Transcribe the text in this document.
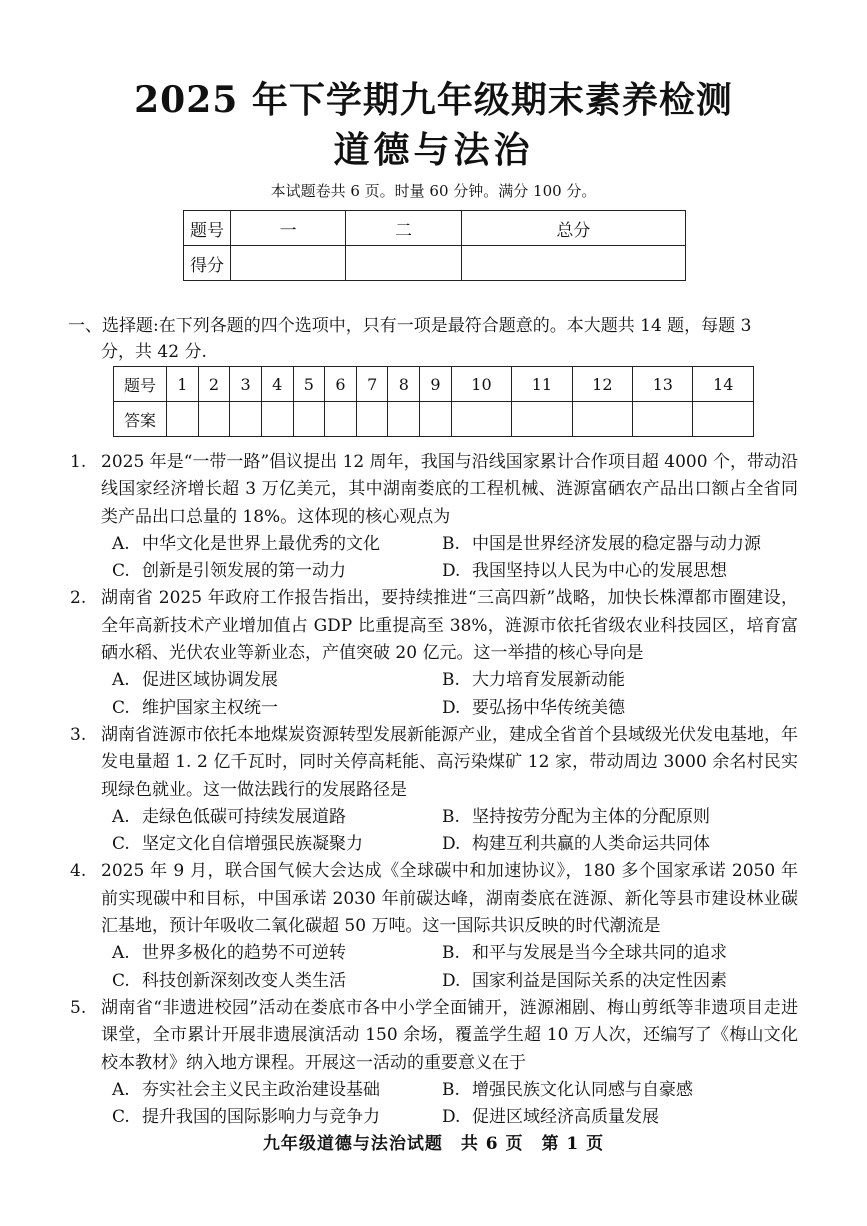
2025 年下学期九年级期末素养检测
道德与法治
本试题卷共 6 页。时量 60 分钟。满分 100 分。
题号	一	二	总分
得分			
一、选择题:在下列各题的四个选项中，只有一项是最符合题意的。本大题共 14 题，每题 3
分，共 42 分.
题号	1	2	3	4	5	6	7	8	9	10	11	12	13	14
答案														
1. 2025 年是“一带一路”倡议提出 12 周年，我国与沿线国家累计合作项目超 4000 个，带动沿线国家经济增长超 3 万亿美元，其中湖南娄底的工程机械、涟源富硒农产品出口额占全省同类产品出口总量的 18%。这体现的核心观点为
A. 中华文化是世界上最优秀的文化	B. 中国是世界经济发展的稳定器与动力源
C. 创新是引领发展的第一动力	D. 我国坚持以人民为中心的发展思想
2. 湖南省 2025 年政府工作报告指出，要持续推进“三高四新”战略，加快长株潭都市圈建设，全年高新技术产业增加值占 GDP 比重提高至 38%，涟源市依托省级农业科技园区，培育富硒水稻、光伏农业等新业态，产值突破 20 亿元。这一举措的核心导向是
A. 促进区域协调发展	B. 大力培育发展新动能
C. 维护国家主权统一	D. 要弘扬中华传统美德
3. 湖南省涟源市依托本地煤炭资源转型发展新能源产业，建成全省首个县域级光伏发电基地，年发电量超 1. 2 亿千瓦时，同时关停高耗能、高污染煤矿 12 家，带动周边 3000 余名村民实现绿色就业。这一做法践行的发展路径是
A. 走绿色低碳可持续发展道路	B. 坚持按劳分配为主体的分配原则
C. 坚定文化自信增强民族凝聚力	D. 构建互利共赢的人类命运共同体
4. 2025 年 9 月，联合国气候大会达成《全球碳中和加速协议》，180 多个国家承诺 2050 年前实现碳中和目标，中国承诺 2030 年前碳达峰，湖南娄底在涟源、新化等县市建设林业碳汇基地，预计年吸收二氧化碳超 50 万吨。这一国际共识反映的时代潮流是
A. 世界多极化的趋势不可逆转	B. 和平与发展是当今全球共同的追求
C. 科技创新深刻改变人类生活	D. 国家利益是国际关系的决定性因素
5. 湖南省“非遗进校园”活动在娄底市各中小学全面铺开，涟源湘剧、梅山剪纸等非遗项目走进课堂，全市累计开展非遗展演活动 150 余场，覆盖学生超 10 万人次，还编写了《梅山文化校本教材》纳入地方课程。开展这一活动的重要意义在于
A. 夯实社会主义民主政治建设基础	B. 增强民族文化认同感与自豪感
C. 提升我国的国际影响力与竞争力	D. 促进区域经济高质量发展
九年级道德与法治试题　共 6 页　第 1 页
